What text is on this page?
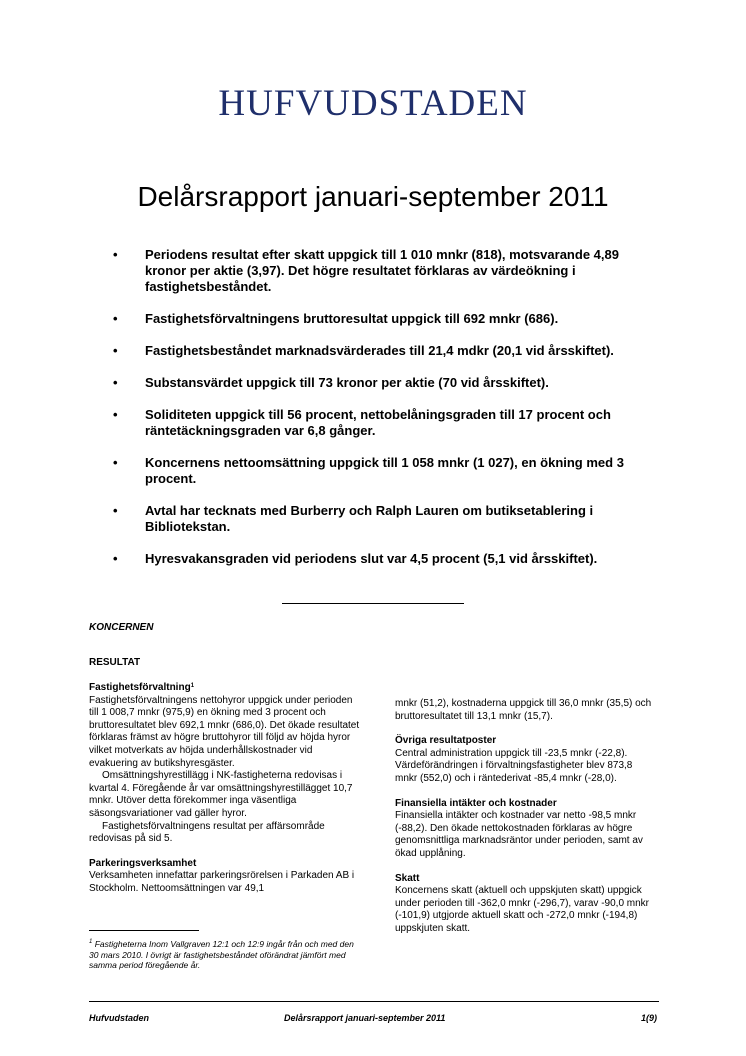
HUFVUDSTADEN
Delårsrapport januari-september 2011
• Periodens resultat efter skatt uppgick till 1 010 mnkr (818), motsvarande 4,89 kronor per aktie (3,97). Det högre resultatet förklaras av värdeökning i fastighetsbeståndet.
• Fastighetsförvaltningens bruttoresultat uppgick till 692 mnkr (686).
• Fastighetsbeståndet marknadsvärderades till 21,4 mdkr (20,1 vid årsskiftet).
• Substansvärdet uppgick till 73 kronor per aktie (70 vid årsskiftet).
• Soliditeten uppgick till 56 procent, nettobelåningsgraden till 17 procent och räntetäckningsgraden var 6,8 gånger.
• Koncernens nettoomsättning uppgick till 1 058 mnkr (1 027), en ökning med 3 procent.
• Avtal har tecknats med Burberry och Ralph Lauren om butiksetablering i Bibliotekstan.
• Hyresvakansgraden vid periodens slut var 4,5 procent (5,1 vid årsskiftet).
KONCERNEN
RESULTAT
Fastighetsförvaltning$^1$

Fastighetsförvaltningens nettohyror uppgick under perioden till 1 008,7 mnkr (975,9) en ökning med 3 procent och bruttoresultatet blev 692,1 mnkr (686,0). Det ökade resultatet förklaras främst av högre bruttohyror till följd av höjda hyror vilket motverkats av höjda underhållskostnader vid evakuering av butikshyresgäster.

Omsättningshyrestillägg i NK-fastigheterna redovisas i kvartal 4. Föregående år var omsättningshyrestillägget 10,7 mnkr. Utöver detta förekommer inga väsentliga säsongsvariationer vad gäller hyror.

Fastighetsförvaltningens resultat per affärsområde redovisas på sid 5.

Parkeringsverksamhet

Verksamheten innefattar parkeringsrörelsen i Parkaden AB i Stockholm. Nettoomsättningen var 49,1

mnkr (51,2), kostnaderna uppgick till 36,0 mnkr (35,5) och bruttoresultatet till 13,1 mnkr (15,7).

Övriga resultatposter

Central administration uppgick till -23,5 mnkr (-22,8). Värdeförändringen i förvaltningsfastigheter blev 873,8 mnkr (552,0) och i räntederivat -85,4 mnkr (-28,0).

Finansiella intäkter och kostnader

Finansiella intäkter och kostnader var netto -98,5 mnkr (-88,2). Den ökade nettokostnaden förklaras av högre genomsnittliga marknadsräntor under perioden, samt av ökad upplåning.

Skatt

Koncernens skatt (aktuell och uppskjuten skatt) uppgick under perioden till -362,0 mnkr (-296,7), varav -90,0 mnkr (-101,9) utgjorde aktuell skatt och -272,0 mnkr (-194,8) uppskjuten skatt.

$^1$ Fastigheterna Inom Vallgraven 12:1 och 12:9 ingår från och med den 30 mars 2010. I övrigt är fastighetsbeståndet oförändrat jämfört med samma period föregående år.
Hufvudstaden	Delårsrapport januari-september 2011	1(9)
